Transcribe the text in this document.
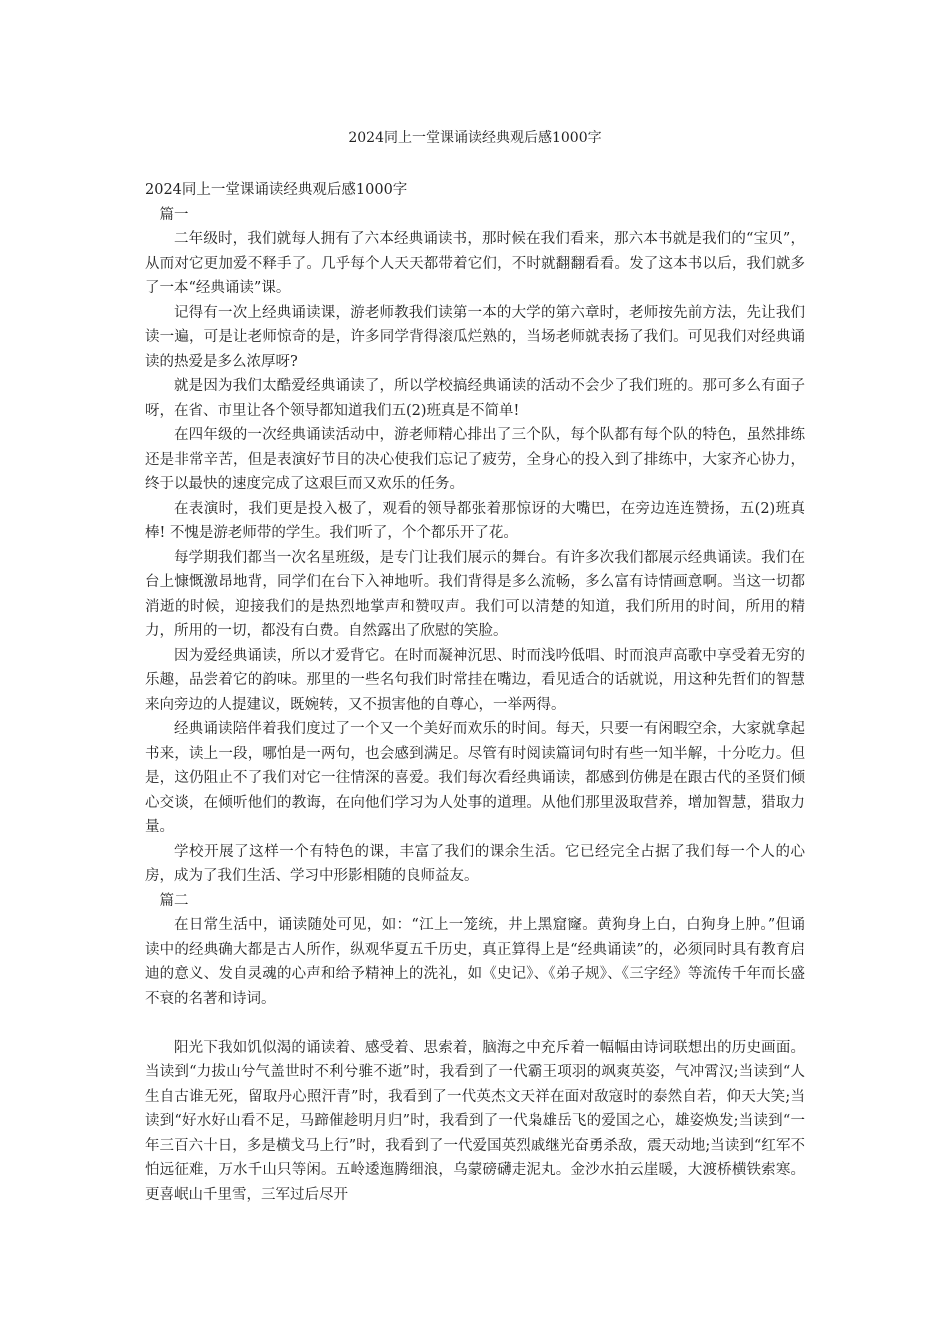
2024同上一堂课诵读经典观后感1000字

2024同上一堂课诵读经典观后感1000字

篇一

二年级时，我们就每人拥有了六本经典诵读书，那时候在我们看来，那六本书就是我们的“宝贝”，从而对它更加爱不释手了。几乎每个人天天都带着它们，不时就翻翻看看。发了这本书以后，我们就多了一本“经典诵读”课。

记得有一次上经典诵读课，游老师教我们读第一本的大学的第六章时，老师按先前方法，先让我们读一遍，可是让老师惊奇的是，许多同学背得滚瓜烂熟的，当场老师就表扬了我们。可见我们对经典诵读的热爱是多么浓厚呀?

就是因为我们太酷爱经典诵读了，所以学校搞经典诵读的活动不会少了我们班的。那可多么有面子呀，在省、市里让各个领导都知道我们五(2)班真是不简单!

在四年级的一次经典诵读活动中，游老师精心排出了三个队，每个队都有每个队的特色，虽然排练还是非常辛苦，但是表演好节目的决心使我们忘记了疲劳，全身心的投入到了排练中，大家齐心协力，终于以最快的速度完成了这艰巨而又欢乐的任务。

在表演时，我们更是投入极了，观看的领导都张着那惊讶的大嘴巴，在旁边连连赞扬，五(2)班真棒! 不愧是游老师带的学生。我们听了，个个都乐开了花。

每学期我们都当一次名星班级，是专门让我们展示的舞台。有许多次我们都展示经典诵读。我们在台上慷慨激昂地背，同学们在台下入神地听。我们背得是多么流畅，多么富有诗情画意啊。当这一切都消逝的时候，迎接我们的是热烈地掌声和赞叹声。我们可以清楚的知道，我们所用的时间，所用的精力，所用的一切，都没有白费。自然露出了欣慰的笑脸。

因为爱经典诵读，所以才爱背它。在时而凝神沉思、时而浅吟低唱、时而浪声高歌中享受着无穷的乐趣，品尝着它的韵味。那里的一些名句我们时常挂在嘴边，看见适合的话就说，用这种先哲们的智慧来向旁边的人提建议，既婉转，又不损害他的自尊心，一举两得。

经典诵读陪伴着我们度过了一个又一个美好而欢乐的时间。每天，只要一有闲暇空余，大家就拿起书来，读上一段，哪怕是一两句，也会感到满足。尽管有时阅读篇词句时有些一知半解，十分吃力。但是，这仍阻止不了我们对它一往情深的喜爱。我们每次看经典诵读，都感到仿佛是在跟古代的圣贤们倾心交谈，在倾听他们的教诲，在向他们学习为人处事的道理。从他们那里汲取营养，增加智慧，猎取力量。

学校开展了这样一个有特色的课，丰富了我们的课余生活。它已经完全占据了我们每一个人的心房，成为了我们生活、学习中形影相随的良师益友。

篇二

在日常生活中，诵读随处可见，如：“江上一笼统，井上黑窟窿。黄狗身上白，白狗身上肿。”但诵读中的经典确大都是古人所作，纵观华夏五千历史，真正算得上是“经典诵读”的，必须同时具有教育启迪的意义、发自灵魂的心声和给予精神上的洗礼，如《史记》、《弟子规》、《三字经》等流传千年而长盛不衰的名著和诗词。

阳光下我如饥似渴的诵读着、感受着、思索着，脑海之中充斥着一幅幅由诗词联想出的历史画面。当读到“力拔山兮气盖世时不利兮骓不逝”时，我看到了一代霸王项羽的飒爽英姿，气冲霄汉;当读到“人生自古谁无死，留取丹心照汗青”时，我看到了一代英杰文天祥在面对敌寇时的泰然自若，仰天大笑;当读到“好水好山看不足，马蹄催趁明月归”时，我看到了一代枭雄岳飞的爱国之心，雄姿焕发;当读到“一年三百六十日，多是横戈马上行”时，我看到了一代爱国英烈戚继光奋勇杀敌，震天动地;当读到“红军不怕远征难，万水千山只等闲。五岭逶迤腾细浪，乌蒙磅礴走泥丸。金沙水拍云崖暖，大渡桥横铁索寒。更喜岷山千里雪，三军过后尽开
